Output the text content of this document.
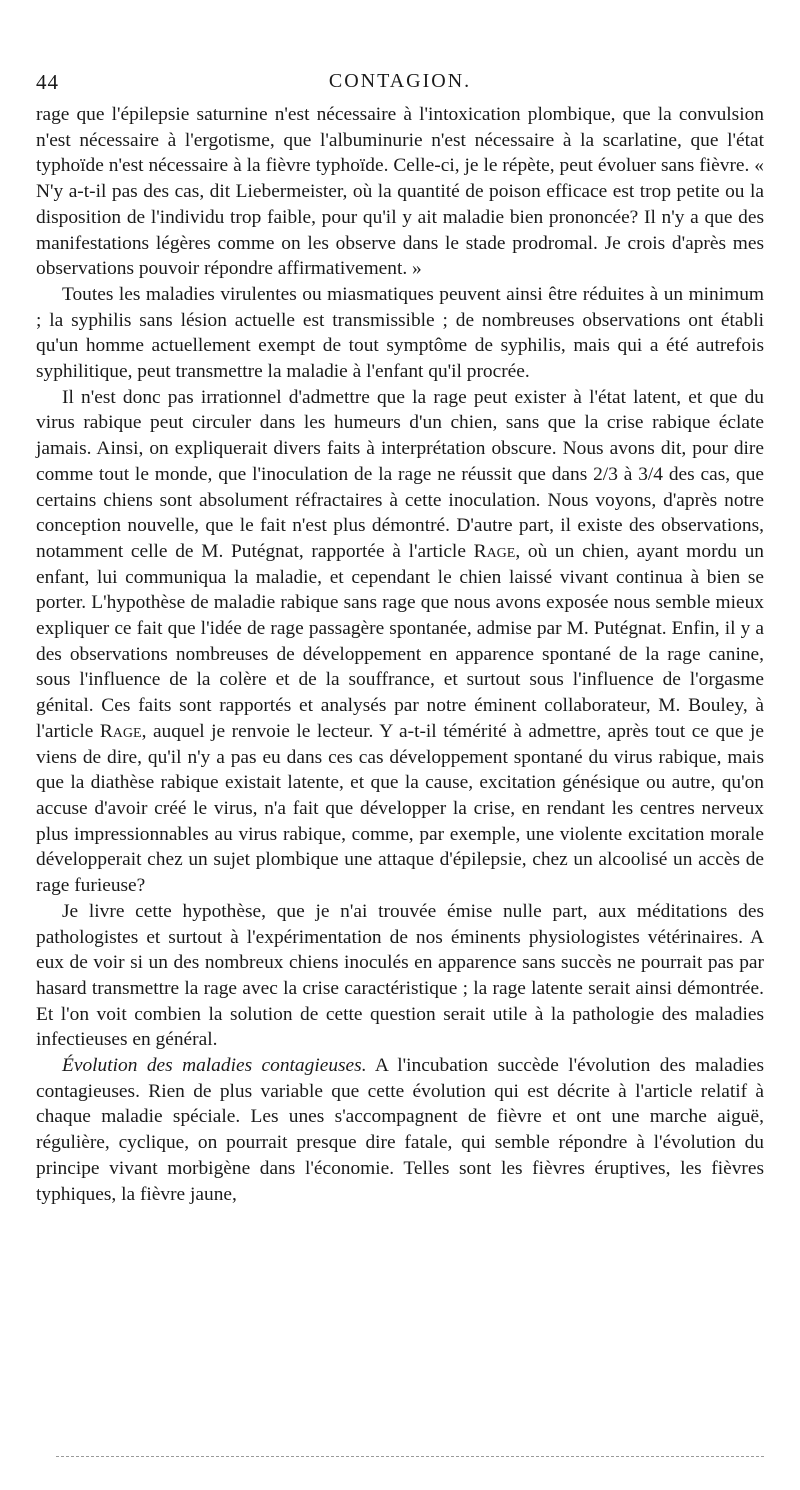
44	CONTAGION.

rage que l'épilepsie saturnine n'est nécessaire à l'intoxication plombique, que la convulsion n'est nécessaire à l'ergotisme, que l'albuminurie n'est nécessaire à la scarlatine, que l'état typhoïde n'est nécessaire à la fièvre typhoïde. Celle-ci, je le répète, peut évoluer sans fièvre. « N'y a-t-il pas des cas, dit Liebermeister, où la quantité de poison efficace est trop petite ou la disposition de l'individu trop faible, pour qu'il y ait maladie bien prononcée? Il n'y a que des manifestations légères comme on les observe dans le stade prodromal. Je crois d'après mes observations pouvoir répondre affirmativement. »

Toutes les maladies virulentes ou miasmatiques peuvent ainsi être réduites à un minimum ; la syphilis sans lésion actuelle est transmissible ; de nombreuses observations ont établi qu'un homme actuellement exempt de tout symptôme de syphilis, mais qui a été autrefois syphilitique, peut transmettre la maladie à l'enfant qu'il procrée.

Il n'est donc pas irrationnel d'admettre que la rage peut exister à l'état latent, et que du virus rabique peut circuler dans les humeurs d'un chien, sans que la crise rabique éclate jamais. Ainsi, on expliquerait divers faits à interprétation obscure. Nous avons dit, pour dire comme tout le monde, que l'inoculation de la rage ne réussit que dans 2/3 à 3/4 des cas, que certains chiens sont absolument réfractaires à cette inoculation. Nous voyons, d'après notre conception nouvelle, que le fait n'est plus démontré. D'autre part, il existe des observations, notamment celle de M. Putégnat, rapportée à l'article Rage, où un chien, ayant mordu un enfant, lui communiqua la maladie, et cependant le chien laissé vivant continua à bien se porter. L'hypothèse de maladie rabique sans rage que nous avons exposée nous semble mieux expliquer ce fait que l'idée de rage passagère spontanée, admise par M. Putégnat. Enfin, il y a des observations nombreuses de développement en apparence spontané de la rage canine, sous l'influence de la colère et de la souffrance, et surtout sous l'influence de l'orgasme génital. Ces faits sont rapportés et analysés par notre éminent collaborateur, M. Bouley, à l'article Rage, auquel je renvoie le lecteur. Y a-t-il témérité à admettre, après tout ce que je viens de dire, qu'il n'y a pas eu dans ces cas développement spontané du virus rabique, mais que la diathèse rabique existait latente, et que la cause, excitation génésique ou autre, qu'on accuse d'avoir créé le virus, n'a fait que développer la crise, en rendant les centres nerveux plus impressionnables au virus rabique, comme, par exemple, une violente excitation morale développerait chez un sujet plombique une attaque d'épilepsie, chez un alcoolisé un accès de rage furieuse?

Je livre cette hypothèse, que je n'ai trouvée émise nulle part, aux méditations des pathologistes et surtout à l'expérimentation de nos éminents physiologistes vétérinaires. A eux de voir si un des nombreux chiens inoculés en apparence sans succès ne pourrait pas par hasard transmettre la rage avec la crise caractéristique ; la rage latente serait ainsi démontrée. Et l'on voit combien la solution de cette question serait utile à la pathologie des maladies infectieuses en général.

Évolution des maladies contagieuses. A l'incubation succède l'évolution des maladies contagieuses. Rien de plus variable que cette évolution qui est décrite à l'article relatif à chaque maladie spéciale. Les unes s'accompagnent de fièvre et ont une marche aiguë, régulière, cyclique, on pourrait presque dire fatale, qui semble répondre à l'évolution du principe vivant morbigène dans l'économie. Telles sont les fièvres éruptives, les fièvres typhiques, la fièvre jaune,
